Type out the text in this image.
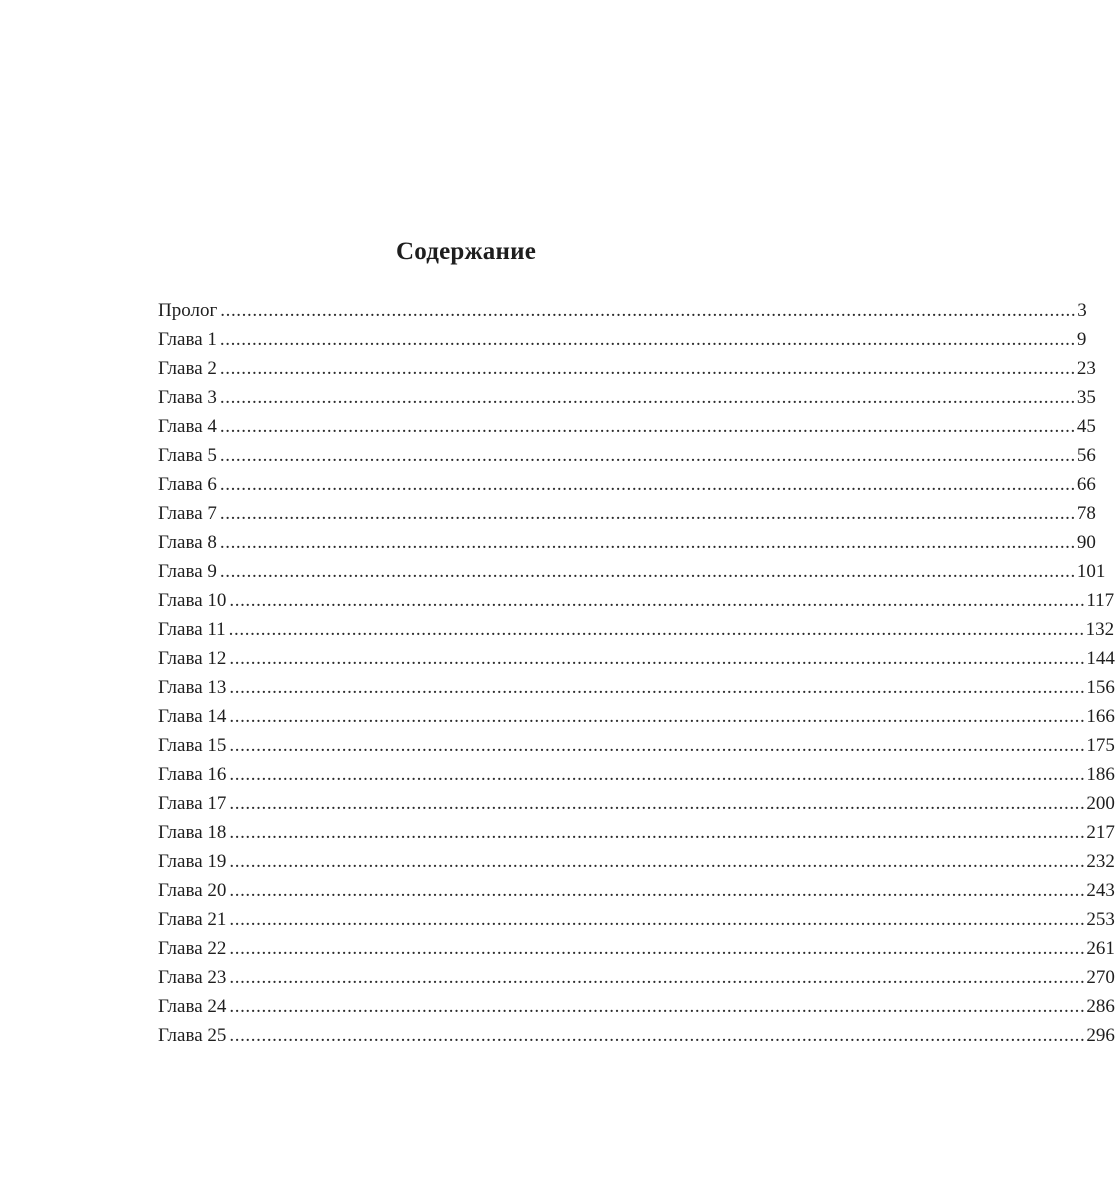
Содержание
Пролог ................................................................................................................................................................ 3
Глава 1 ................................................................................................................................................................ 9
Глава 2 ................................................................................................................................................................ 23
Глава 3 ................................................................................................................................................................ 35
Глава 4 ................................................................................................................................................................ 45
Глава 5 ................................................................................................................................................................ 56
Глава 6 ................................................................................................................................................................ 66
Глава 7 ................................................................................................................................................................ 78
Глава 8 ................................................................................................................................................................ 90
Глава 9 ................................................................................................................................................................ 101
Глава 10 ................................................................................................................................................................ 117
Глава 11 ................................................................................................................................................................ 132
Глава 12 ................................................................................................................................................................ 144
Глава 13 ................................................................................................................................................................ 156
Глава 14 ................................................................................................................................................................ 166
Глава 15 ................................................................................................................................................................ 175
Глава 16 ................................................................................................................................................................ 186
Глава 17 ................................................................................................................................................................ 200
Глава 18 ................................................................................................................................................................ 217
Глава 19 ................................................................................................................................................................ 232
Глава 20 ................................................................................................................................................................ 243
Глава 21 ................................................................................................................................................................ 253
Глава 22 ................................................................................................................................................................ 261
Глава 23 ................................................................................................................................................................ 270
Глава 24 ................................................................................................................................................................ 286
Глава 25 ................................................................................................................................................................ 296
